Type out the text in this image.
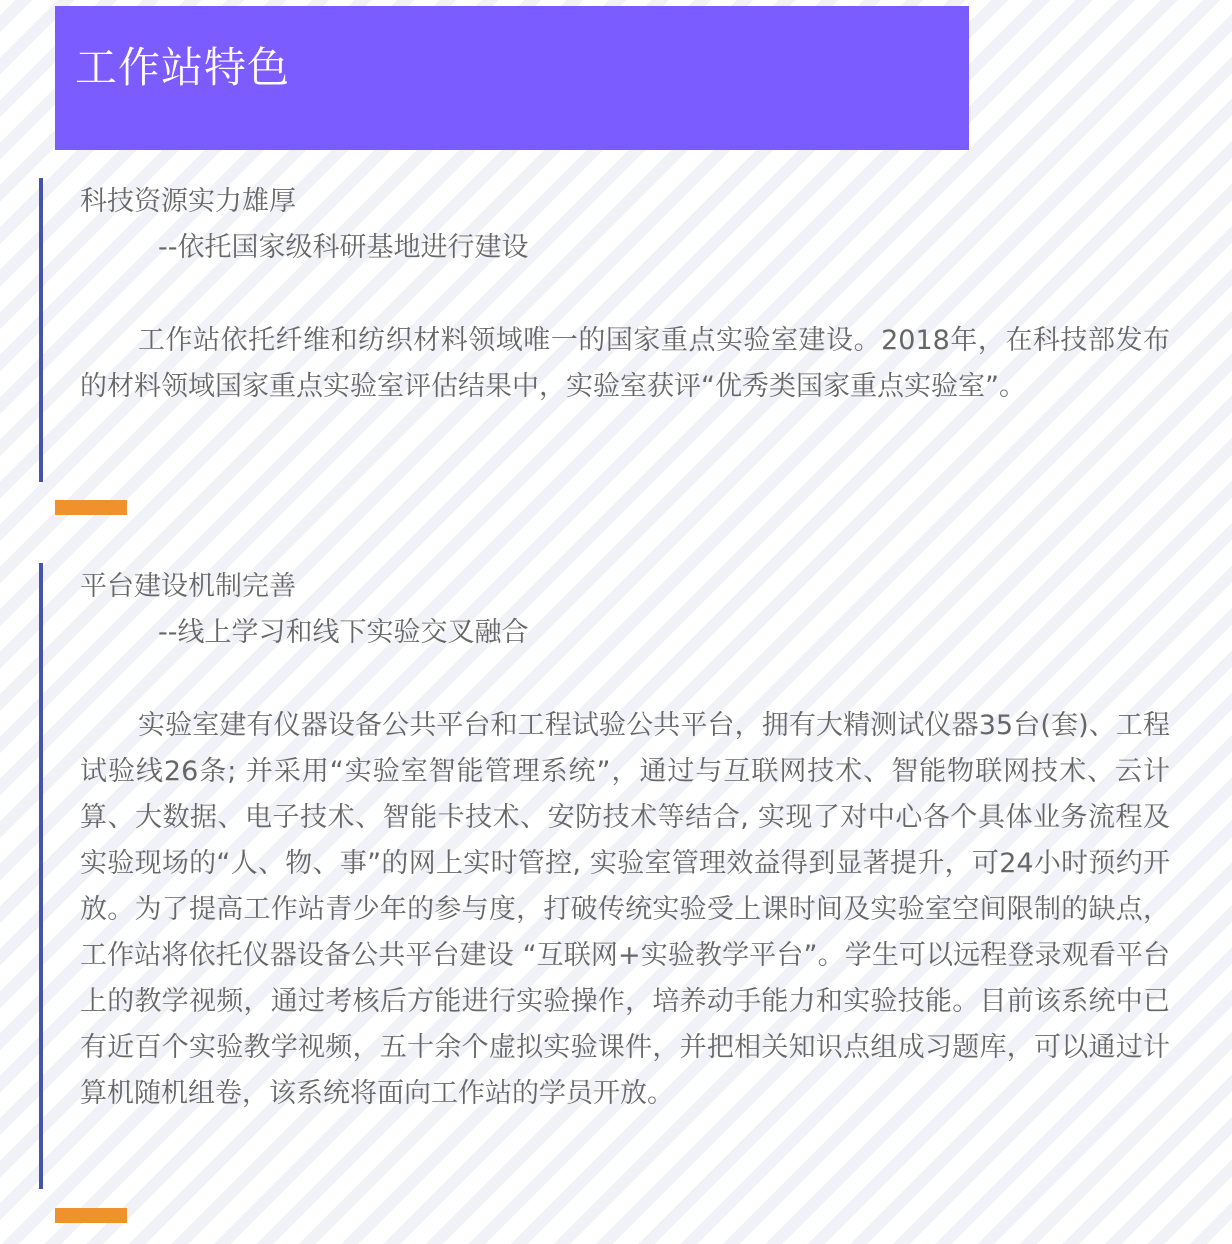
工作站特色
科技资源实力雄厚
--依托国家级科研基地进行建设

工作站依托纤维和纺织材料领域唯一的国家重点实验室建设。2018年，在科技部发布的材料领域国家重点实验室评估结果中，实验室获评“优秀类国家重点实验室”。

平台建设机制完善
--线上学习和线下实验交叉融合

实验室建有仪器设备公共平台和工程试验公共平台，拥有大精测试仪器35台(套)、工程试验线26条; 并采用“实验室智能管理系统”，通过与互联网技术、智能物联网技术、云计算、大数据、电子技术、智能卡技术、安防技术等结合, 实现了对中心各个具体业务流程及实验现场的“人、物、事”的网上实时管控, 实验室管理效益得到显著提升，可24小时预约开放。为了提高工作站青少年的参与度，打破传统实验受上课时间及实验室空间限制的缺点，工作站将依托仪器设备公共平台建设 “互联网+实验教学平台”。学生可以远程登录观看平台上的教学视频，通过考核后方能进行实验操作，培养动手能力和实验技能。目前该系统中已有近百个实验教学视频，五十余个虚拟实验课件，并把相关知识点组成习题库，可以通过计算机随机组卷，该系统将面向工作站的学员开放。
